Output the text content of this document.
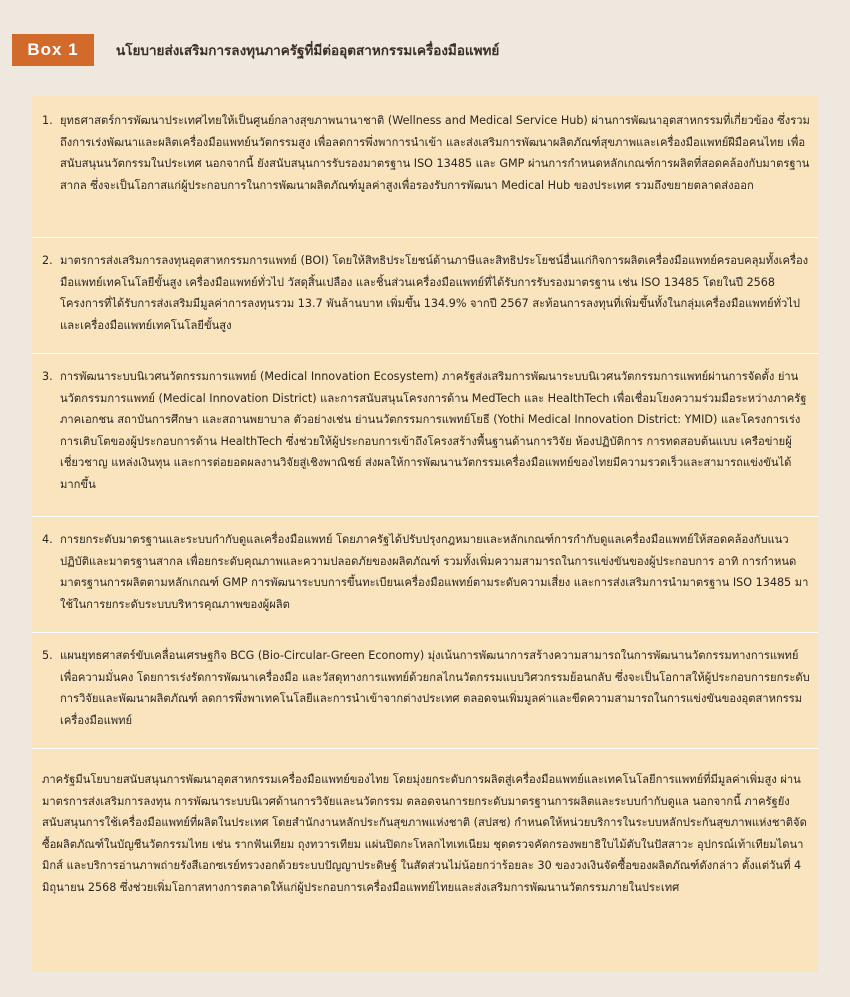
Box 1	นโยบายส่งเสริมการลงทุนภาครัฐที่มีต่ออุตสาหกรรมเครื่องมือแพทย์
1. ยุทธศาสตร์การพัฒนาประเทศไทยให้เป็นศูนย์กลางสุขภาพนานาชาติ (Wellness and Medical Service Hub) ผ่านการพัฒนาอุตสาหกรรมที่เกี่ยวข้อง ซึ่งรวมถึงการเร่งพัฒนาและผลิตเครื่องมือแพทย์นวัตกรรมสูง เพื่อลดการพึ่งพาการนำเข้า และส่งเสริมการพัฒนาผลิตภัณฑ์สุขภาพและเครื่องมือแพทย์ฝีมือคนไทย เพื่อสนับสนุนนวัตกรรมในประเทศ นอกจากนี้ ยังสนับสนุนการรับรองมาตรฐาน ISO 13485 และ GMP ผ่านการกำหนดหลักเกณฑ์การผลิตที่สอดคล้องกับมาตรฐานสากล ซึ่งจะเป็นโอกาสแก่ผู้ประกอบการในการพัฒนาผลิตภัณฑ์มูลค่าสูงเพื่อรองรับการพัฒนา Medical Hub ของประเทศ รวมถึงขยายตลาดส่งออก
2. มาตรการส่งเสริมการลงทุนอุตสาหกรรมการแพทย์ (BOI) โดยให้สิทธิประโยชน์ด้านภาษีและสิทธิประโยชน์อื่นแก่กิจการผลิตเครื่องมือแพทย์ครอบคลุมทั้งเครื่องมือแพทย์เทคโนโลยีขั้นสูง เครื่องมือแพทย์ทั่วไป วัสดุสิ้นเปลือง และชิ้นส่วนเครื่องมือแพทย์ที่ได้รับการรับรองมาตรฐาน เช่น ISO 13485 โดยในปี 2568 โครงการที่ได้รับการส่งเสริมมีมูลค่าการลงทุนรวม 13.7 พันล้านบาท เพิ่มขึ้น 134.9% จากปี 2567 สะท้อนการลงทุนที่เพิ่มขึ้นทั้งในกลุ่มเครื่องมือแพทย์ทั่วไปและเครื่องมือแพทย์เทคโนโลยีขั้นสูง
3. การพัฒนาระบบนิเวศนวัตกรรมการแพทย์ (Medical Innovation Ecosystem) ภาครัฐส่งเสริมการพัฒนาระบบนิเวศนวัตกรรมการแพทย์ผ่านการจัดตั้ง ย่านนวัตกรรมการแพทย์ (Medical Innovation District) และการสนับสนุนโครงการด้าน MedTech และ HealthTech เพื่อเชื่อมโยงความร่วมมือระหว่างภาครัฐ ภาคเอกชน สถาบันการศึกษา และสถานพยาบาล ตัวอย่างเช่น ย่านนวัตกรรมการแพทย์โยธี (Yothi Medical Innovation District: YMID) และโครงการเร่งการเติบโตของผู้ประกอบการด้าน HealthTech ซึ่งช่วยให้ผู้ประกอบการเข้าถึงโครงสร้างพื้นฐานด้านการวิจัย ห้องปฏิบัติการ การทดสอบต้นแบบ เครือข่ายผู้เชี่ยวชาญ แหล่งเงินทุน และการต่อยอดผลงานวิจัยสู่เชิงพาณิชย์ ส่งผลให้การพัฒนานวัตกรรมเครื่องมือแพทย์ของไทยมีความรวดเร็วและสามารถแข่งขันได้มากขึ้น
4. การยกระดับมาตรฐานและระบบกำกับดูแลเครื่องมือแพทย์ โดยภาครัฐได้ปรับปรุงกฎหมายและหลักเกณฑ์การกำกับดูแลเครื่องมือแพทย์ให้สอดคล้องกับแนวปฏิบัติและมาตรฐานสากล เพื่อยกระดับคุณภาพและความปลอดภัยของผลิตภัณฑ์ รวมทั้งเพิ่มความสามารถในการแข่งขันของผู้ประกอบการ อาทิ การกำหนดมาตรฐานการผลิตตามหลักเกณฑ์ GMP การพัฒนาระบบการขึ้นทะเบียนเครื่องมือแพทย์ตามระดับความเสี่ยง และการส่งเสริมการนำมาตรฐาน ISO 13485 มาใช้ในการยกระดับระบบบริหารคุณภาพของผู้ผลิต
5. แผนยุทธศาสตร์ขับเคลื่อนเศรษฐกิจ BCG (Bio-Circular-Green Economy) มุ่งเน้นการพัฒนาการสร้างความสามารถในการพัฒนานวัตกรรมทางการแพทย์เพื่อความมั่นคง โดยการเร่งรัดการพัฒนาเครื่องมือ และวัสดุทางการแพทย์ด้วยกลไกนวัตกรรมแบบวิศวกรรมย้อนกลับ ซึ่งจะเป็นโอกาสให้ผู้ประกอบการยกระดับการวิจัยและพัฒนาผลิตภัณฑ์ ลดการพึ่งพาเทคโนโลยีและการนำเข้าจากต่างประเทศ ตลอดจนเพิ่มมูลค่าและขีดความสามารถในการแข่งขันของอุตสาหกรรมเครื่องมือแพทย์
ภาครัฐมีนโยบายสนับสนุนการพัฒนาอุตสาหกรรมเครื่องมือแพทย์ของไทย โดยมุ่งยกระดับการผลิตสู่เครื่องมือแพทย์และเทคโนโลยีการแพทย์ที่มีมูลค่าเพิ่มสูง ผ่านมาตรการส่งเสริมการลงทุน การพัฒนาระบบนิเวศด้านการวิจัยและนวัตกรรม ตลอดจนการยกระดับมาตรฐานการผลิตและระบบกำกับดูแล นอกจากนี้ ภาครัฐยังสนับสนุนการใช้เครื่องมือแพทย์ที่ผลิตในประเทศ โดยสำนักงานหลักประกันสุขภาพแห่งชาติ (สปสช) กำหนดให้หน่วยบริการในระบบหลักประกันสุขภาพแห่งชาติจัดซื้อผลิตภัณฑ์ในบัญชีนวัตกรรมไทย เช่น รากฟันเทียม ถุงทวารเทียม แผ่นปิดกะโหลกไทเทเนียม ชุดตรวจคัดกรองพยาธิใบไม้ตับในปัสสาวะ อุปกรณ์เท้าเทียมไดนามิกส์ และบริการอ่านภาพถ่ายรังสีเอกซเรย์ทรวงอกด้วยระบบปัญญาประดิษฐ์ ในสัดส่วนไม่น้อยกว่าร้อยละ 30 ของวงเงินจัดซื้อของผลิตภัณฑ์ดังกล่าว ตั้งแต่วันที่ 4 มิถุนายน 2568 ซึ่งช่วยเพิ่มโอกาสทางการตลาดให้แก่ผู้ประกอบการเครื่องมือแพทย์ไทยและส่งเสริมการพัฒนานวัตกรรมภายในประเทศ
